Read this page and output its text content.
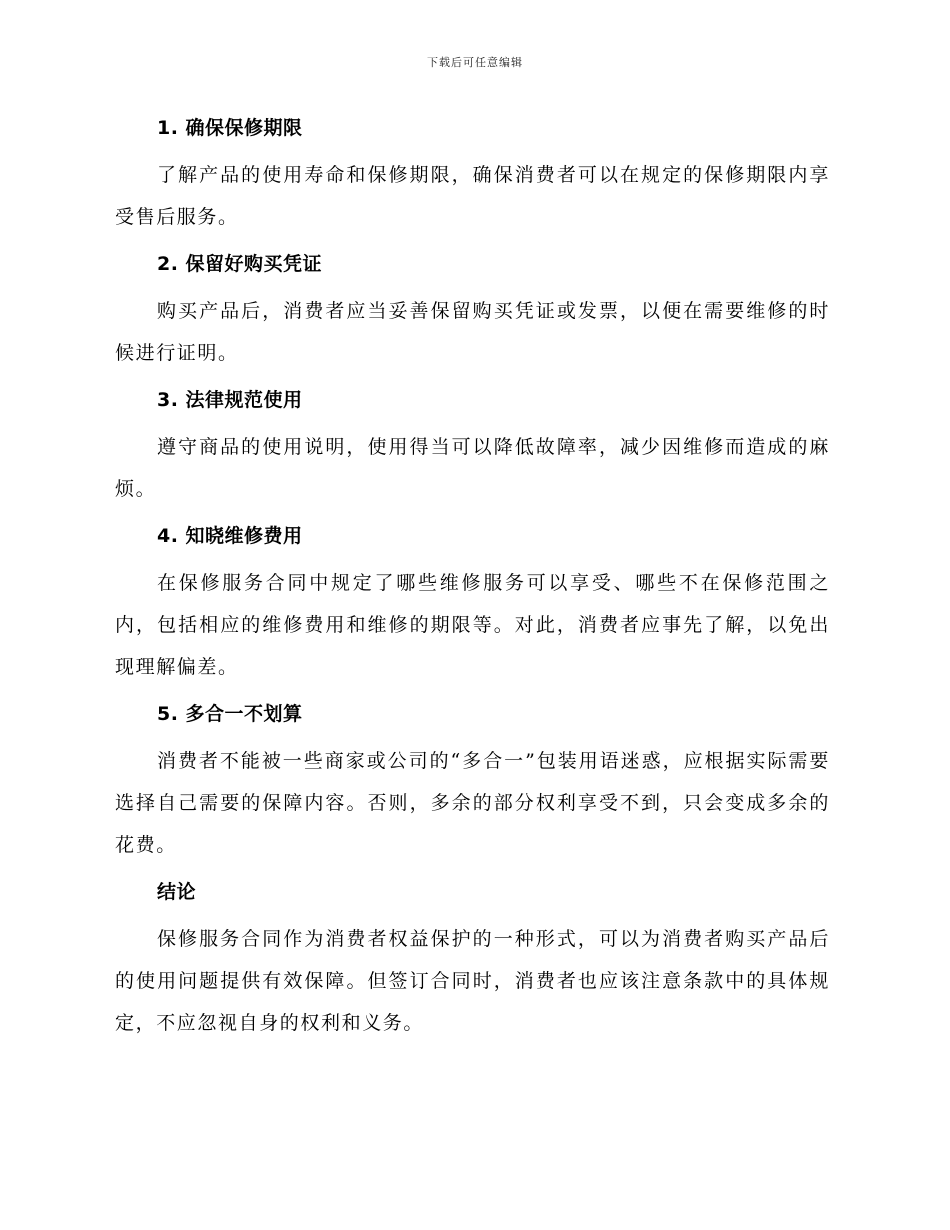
下载后可任意编辑
1. 确保保修期限

了解产品的使用寿命和保修期限，确保消费者可以在规定的保修期限内享受售后服务。

2. 保留好购买凭证

购买产品后，消费者应当妥善保留购买凭证或发票，以便在需要维修的时候进行证明。

3. 法律规范使用

遵守商品的使用说明，使用得当可以降低故障率，减少因维修而造成的麻烦。

4. 知晓维修费用

在保修服务合同中规定了哪些维修服务可以享受、哪些不在保修范围之内，包括相应的维修费用和维修的期限等。对此，消费者应事先了解，以免出现理解偏差。

5. 多合一不划算

消费者不能被一些商家或公司的“多合一”包装用语迷惑，应根据实际需要选择自己需要的保障内容。否则，多余的部分权利享受不到，只会变成多余的花费。

结论

保修服务合同作为消费者权益保护的一种形式，可以为消费者购买产品后的使用问题提供有效保障。但签订合同时，消费者也应该注意条款中的具体规定，不应忽视自身的权利和义务。
